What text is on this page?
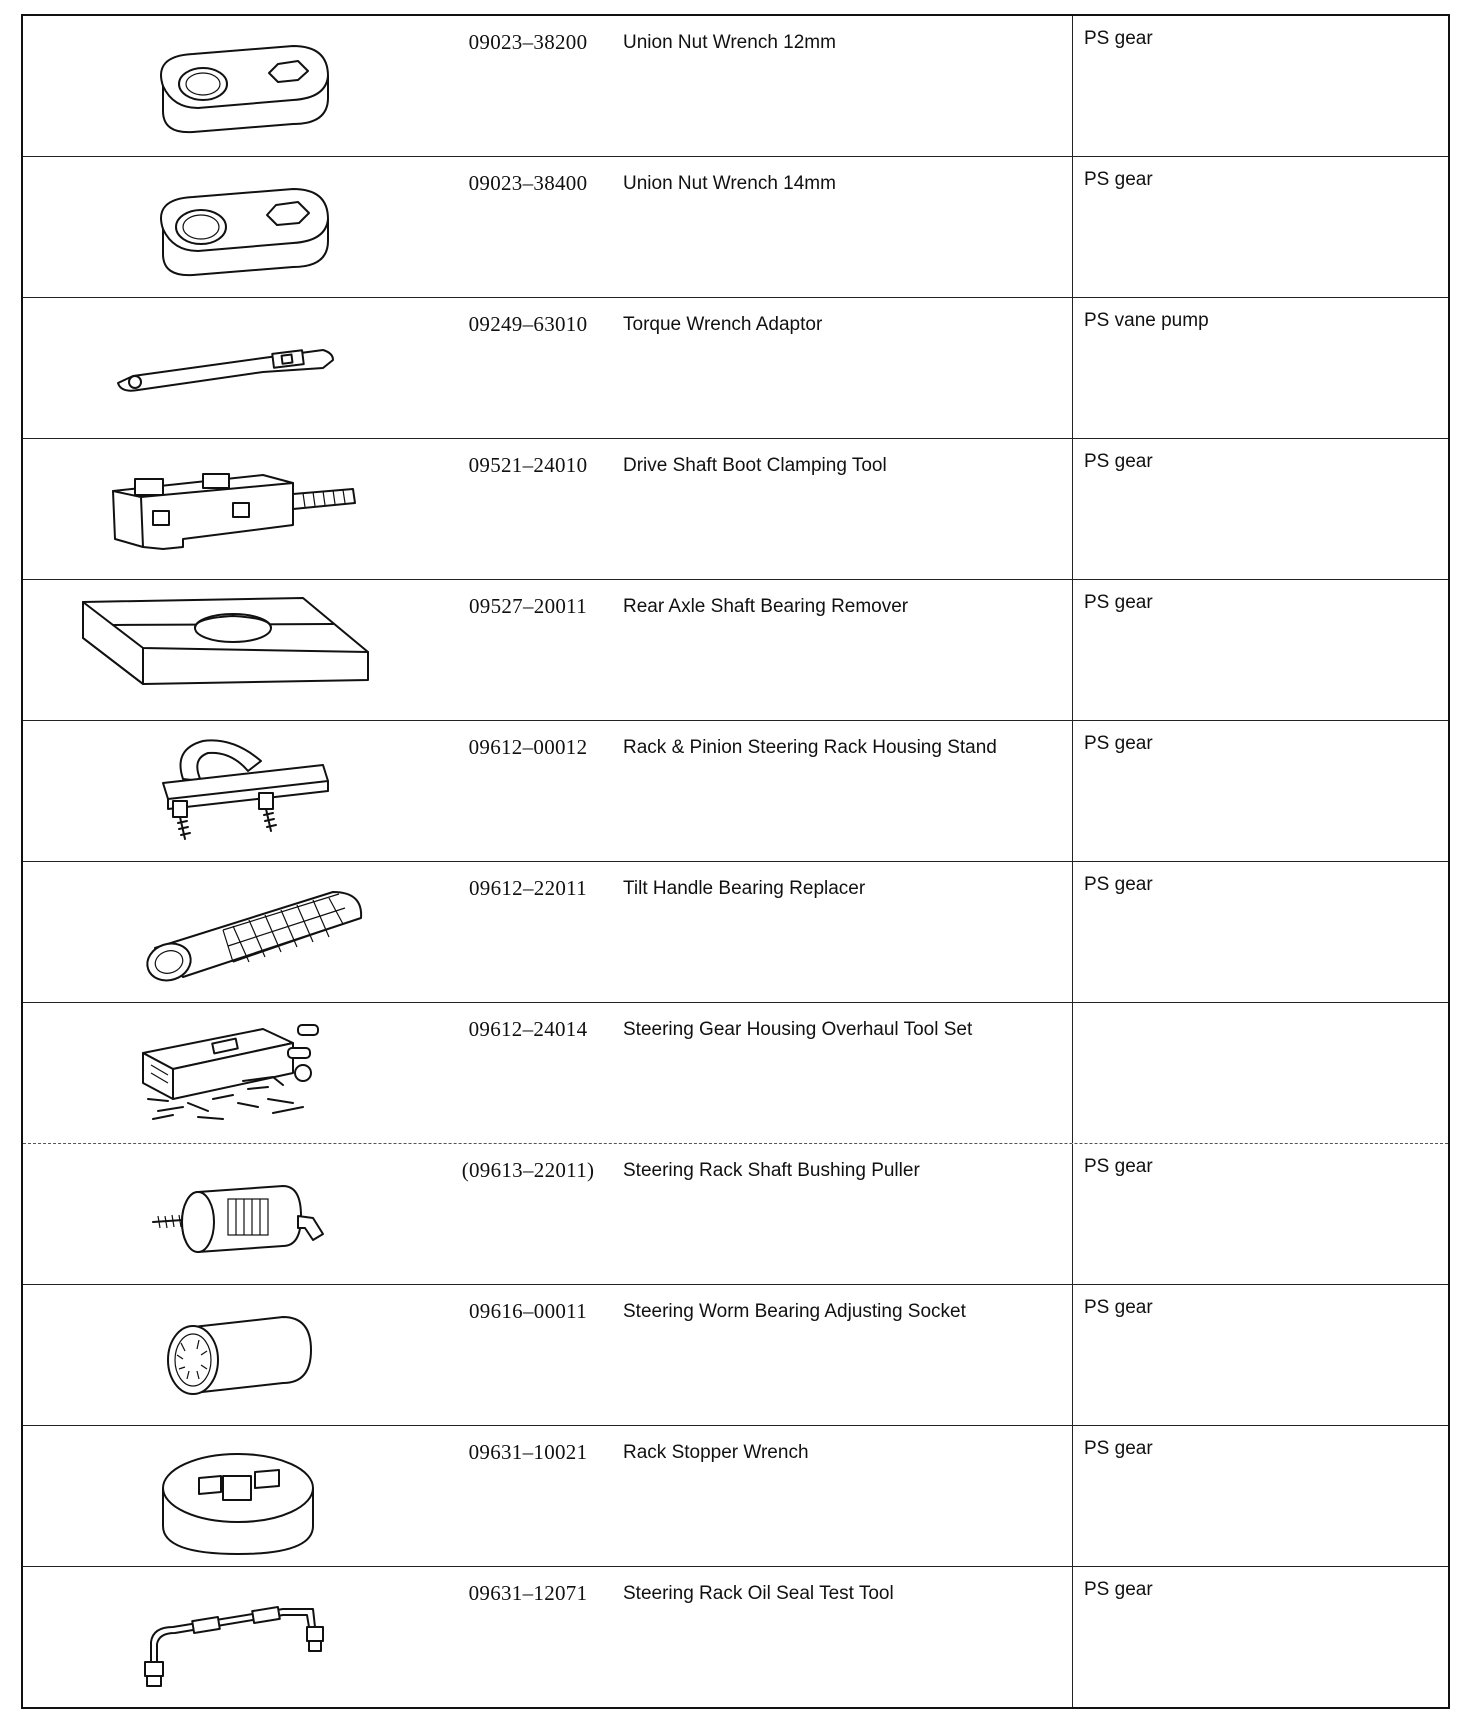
09023–38200	Union Nut Wrench 12mm	PS gear
09023–38400	Union Nut Wrench 14mm	PS gear
09249–63010	Torque Wrench Adaptor	PS vane pump
09521–24010	Drive Shaft Boot Clamping Tool	PS gear
09527–20011	Rear Axle Shaft Bearing Remover	PS gear
09612–00012	Rack & Pinion Steering Rack Housing Stand	PS gear
09612–22011	Tilt Handle Bearing Replacer	PS gear
09612–24014	Steering Gear Housing Overhaul Tool Set
(09613–22011)	Steering Rack Shaft Bushing Puller	PS gear
09616–00011	Steering Worm Bearing Adjusting Socket	PS gear
09631–10021	Rack Stopper Wrench	PS gear
09631–12071	Steering Rack Oil Seal Test Tool	PS gear
